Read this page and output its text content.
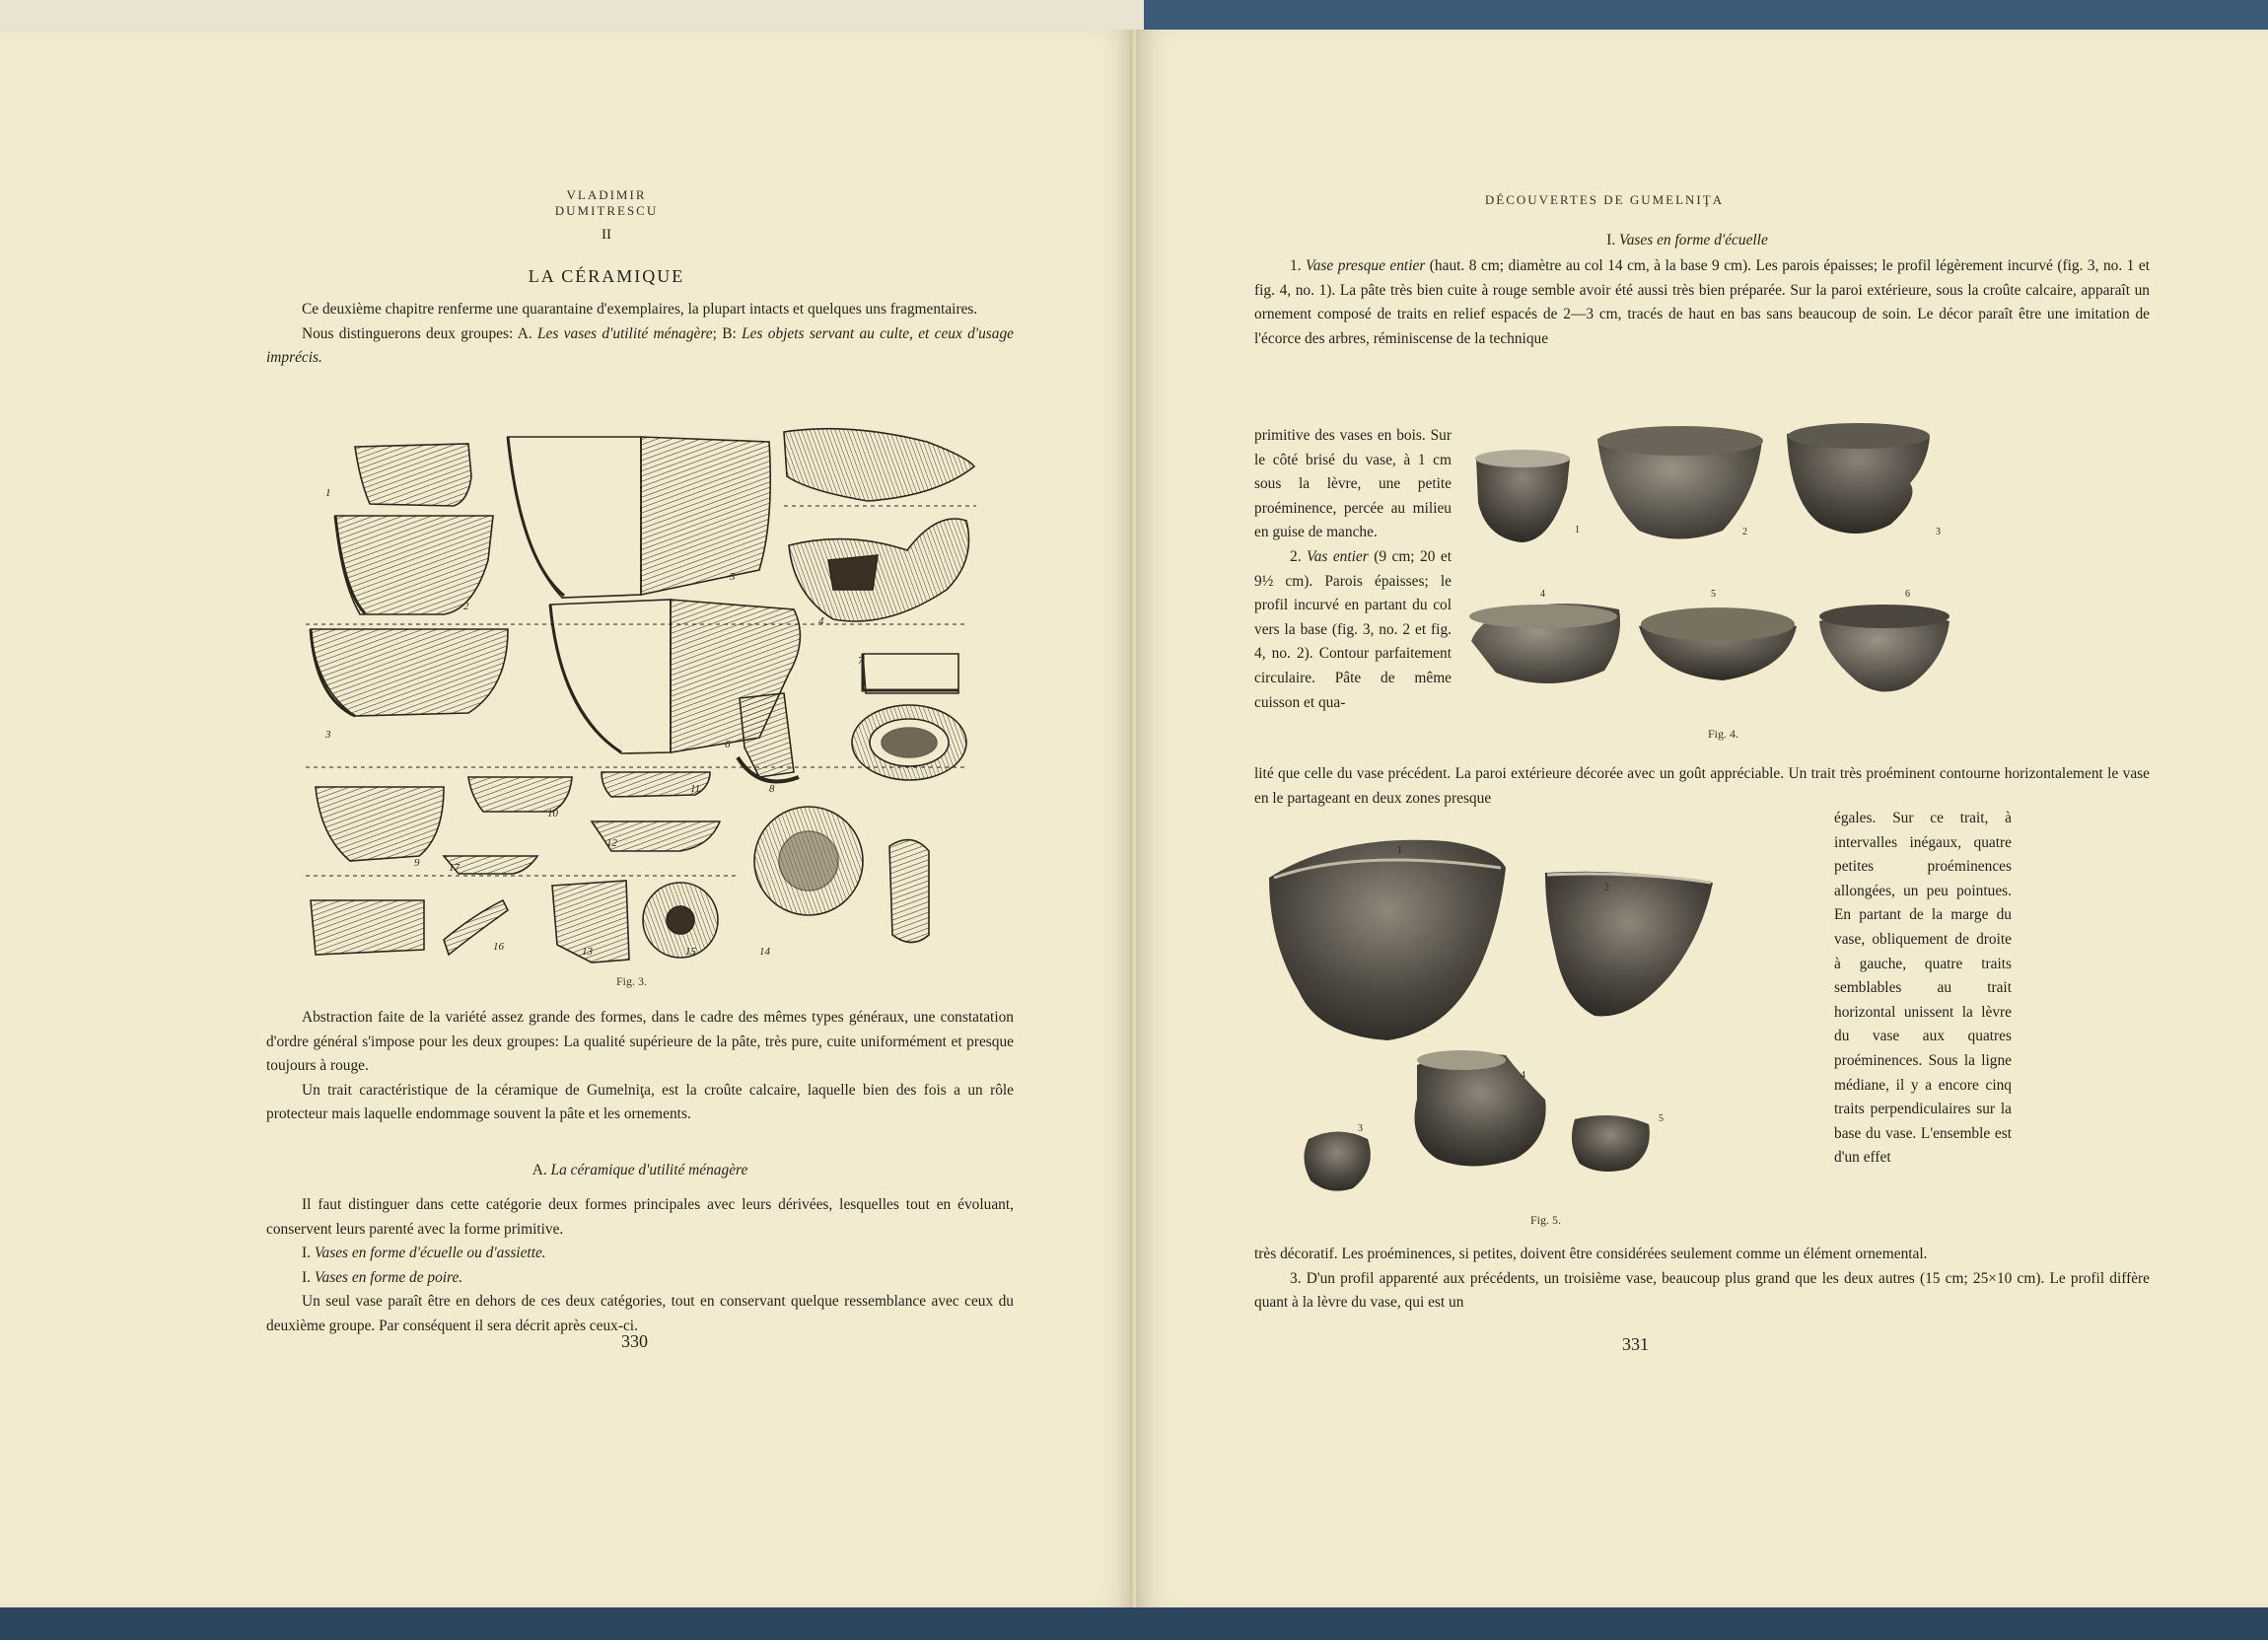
VLADIMIR DUMITRESCU
II
LA CÉRAMIQUE

Ce deuxième chapitre renferme une quarantaine d'exemplaires, la plupart intacts et quelques uns fragmentaires.

Nous distinguerons deux groupes: A. Les vases d'utilité ménagère; B: Les objets servant au culte, et ceux d'usage imprécis.

1
2
3
4
5
6
7
8
9
10
11
12
13	14
15
16
17
Fig. 3.

Abstraction faite de la variété assez grande des formes, dans le cadre des mêmes types généraux, une constatation d'ordre général s'impose pour les deux groupes: La qualité supérieure de la pâte, très pure, cuite uniformément et presque toujours à rouge.

Un trait caractéristique de la céramique de Gumelniţa, est la croûte calcaire, laquelle bien des fois a un rôle protecteur mais laquelle endommage souvent la pâte et les ornements.

A. La céramique d'utilité ménagère

Il faut distinguer dans cette catégorie deux formes principales avec leurs dérivées, lesquelles tout en évoluant, conservent leurs parenté avec la forme primitive.

I. Vases en forme d'écuelle ou d'assiette.

I. Vases en forme de poire.

Un seul vase paraît être en dehors de ces deux catégories, tout en conservant quelque ressemblance avec ceux du deuxième groupe. Par conséquent il sera décrit après ceux-ci.

330
DÉCOUVERTES DE GUMELNIŢA
I. Vases en forme d'écuelle

1. Vase presque entier (haut. 8 cm; diamètre au col 14 cm, à la base 9 cm). Les parois épaisses; le profil légèrement incurvé (fig. 3, no. 1 et fig. 4, no. 1). La pâte très bien cuite à rouge semble avoir été aussi très bien préparée. Sur la paroi extérieure, sous la croûte calcaire, apparaît un ornement composé de traits en relief espacés de 2—3 cm, tracés de haut en bas sans beaucoup de soin. Le décor paraît être une imitation de l'écorce des arbres, réminiscense de la technique

primitive des vases en bois. Sur le côté brisé du vase, à 1 cm sous la lèvre, une petite proéminence, percée au milieu en guise de manche.

2. Vas entier (9 cm; 20 et 9½ cm). Parois épaisses; le profil incurvé en partant du col vers la base (fig. 3, no. 2 et fig. 4, no. 2). Contour parfaitement circulaire. Pâte de même cuisson et qua-

1	2	3
4	5	6
Fig. 4.

lité que celle du vase précédent. La paroi extérieure décorée avec un goût appréciable. Un trait très proéminent contourne horizontalement le vase en le partageant en deux zones presque

1
2
3
4
5
Fig. 5.

égales. Sur ce trait, à intervalles inégaux, quatre petites proéminences allongées, un peu pointues. En partant de la marge du vase, obliquement de droite à gauche, quatre traits semblables au trait horizontal unissent la lèvre du vase aux quatres proéminences. Sous la ligne médiane, il y a encore cinq traits perpendiculaires sur la base du vase. L'ensemble est d'un effet

très décoratif. Les proéminences, si petites, doivent être considérées seulement comme un élément ornemental.

3. D'un profil apparenté aux précédents, un troisième vase, beaucoup plus grand que les deux autres (15 cm; 25×10 cm). Le profil diffère quant à la lèvre du vase, qui est un

331
